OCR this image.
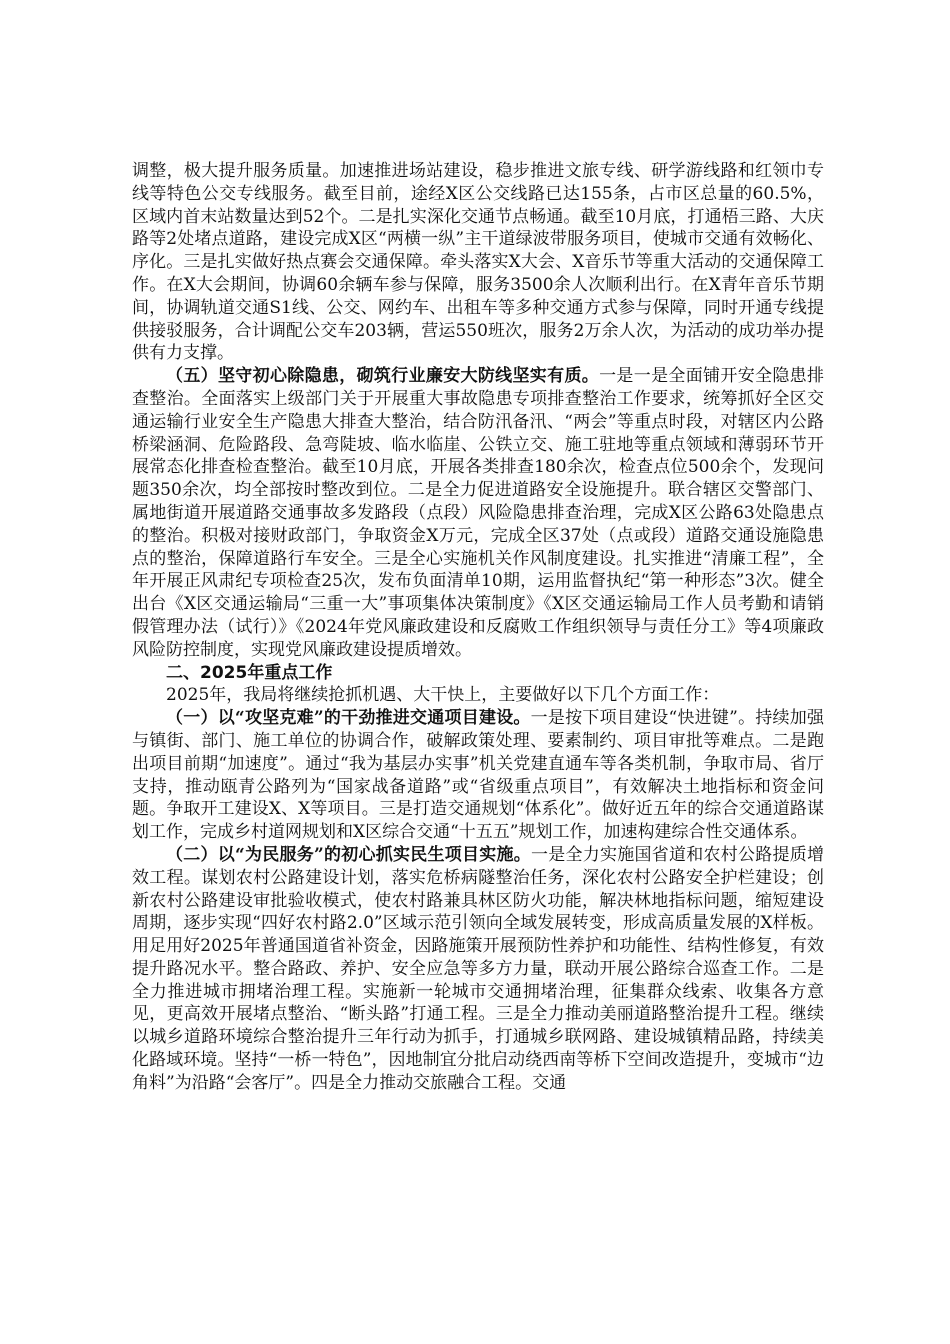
调整，极大提升服务质量。加速推进场站建设，稳步推进文旅专线、研学游线路和红领巾专线等特色公交专线服务。截至目前，途经X区公交线路已达155条，占市区总量的60.5%，区域内首末站数量达到52个。二是扎实深化交通节点畅通。截至10月底，打通梧三路、大庆路等2处堵点道路，建设完成X区“两横一纵”主干道绿波带服务项目，使城市交通有效畅化、序化。三是扎实做好热点赛会交通保障。牵头落实X大会、X音乐节等重大活动的交通保障工作。在X大会期间，协调60余辆车参与保障，服务3500余人次顺利出行。在X青年音乐节期间，协调轨道交通S1线、公交、网约车、出租车等多种交通方式参与保障，同时开通专线提供接驳服务，合计调配公交车203辆，营运550班次，服务2万余人次，为活动的成功举办提供有力支撑。

（五）坚守初心除隐患，砌筑行业廉安大防线坚实有质。一是一是全面铺开安全隐患排查整治。全面落实上级部门关于开展重大事故隐患专项排查整治工作要求，统筹抓好全区交通运输行业安全生产隐患大排查大整治，结合防汛备汛、“两会”等重点时段，对辖区内公路桥梁涵洞、危险路段、急弯陡坡、临水临崖、公铁立交、施工驻地等重点领域和薄弱环节开展常态化排查检查整治。截至10月底，开展各类排查180余次，检查点位500余个，发现问题350余次，均全部按时整改到位。二是全力促进道路安全设施提升。联合辖区交警部门、属地街道开展道路交通事故多发路段（点段）风险隐患排查治理，完成X区公路63处隐患点的整治。积极对接财政部门，争取资金X万元，完成全区37处（点或段）道路交通设施隐患点的整治，保障道路行车安全。三是全心实施机关作风制度建设。扎实推进“清廉工程”，全年开展正风肃纪专项检查25次，发布负面清单10期，运用监督执纪“第一种形态”3次。健全出台《X区交通运输局“三重一大”事项集体决策制度》《X区交通运输局工作人员考勤和请销假管理办法（试行）》《2024年党风廉政建设和反腐败工作组织领导与责任分工》等4项廉政风险防控制度，实现党风廉政建设提质增效。

二、2025年重点工作

2025年，我局将继续抢抓机遇、大干快上，主要做好以下几个方面工作：

（一）以“攻坚克难”的干劲推进交通项目建设。一是按下项目建设“快进键”。持续加强与镇街、部门、施工单位的协调合作，破解政策处理、要素制约、项目审批等难点。二是跑出项目前期“加速度”。通过“我为基层办实事”机关党建直通车等各类机制，争取市局、省厅支持，推动瓯青公路列为“国家战备道路”或“省级重点项目”，有效解决土地指标和资金问题。争取开工建设X、X等项目。三是打造交通规划“体系化”。做好近五年的综合交通道路谋划工作，完成乡村道网规划和X区综合交通“十五五”规划工作，加速构建综合性交通体系。

（二）以“为民服务”的初心抓实民生项目实施。一是全力实施国省道和农村公路提质增效工程。谋划农村公路建设计划，落实危桥病隧整治任务，深化农村公路安全护栏建设；创新农村公路建设审批验收模式，使农村路兼具林区防火功能，解决林地指标问题，缩短建设周期，逐步实现“四好农村路2.0”区域示范引领向全域发展转变，形成高质量发展的X样板。用足用好2025年普通国道省补资金，因路施策开展预防性养护和功能性、结构性修复，有效提升路况水平。整合路政、养护、安全应急等多方力量，联动开展公路综合巡查工作。二是全力推进城市拥堵治理工程。实施新一轮城市交通拥堵治理，征集群众线索、收集各方意见，更高效开展堵点整治、“断头路”打通工程。三是全力推动美丽道路整治提升工程。继续以城乡道路环境综合整治提升三年行动为抓手，打通城乡联网路、建设城镇精品路，持续美化路域环境。坚持“一桥一特色”，因地制宜分批启动绕西南等桥下空间改造提升，变城市“边角料”为沿路“会客厅”。四是全力推动交旅融合工程。交通
